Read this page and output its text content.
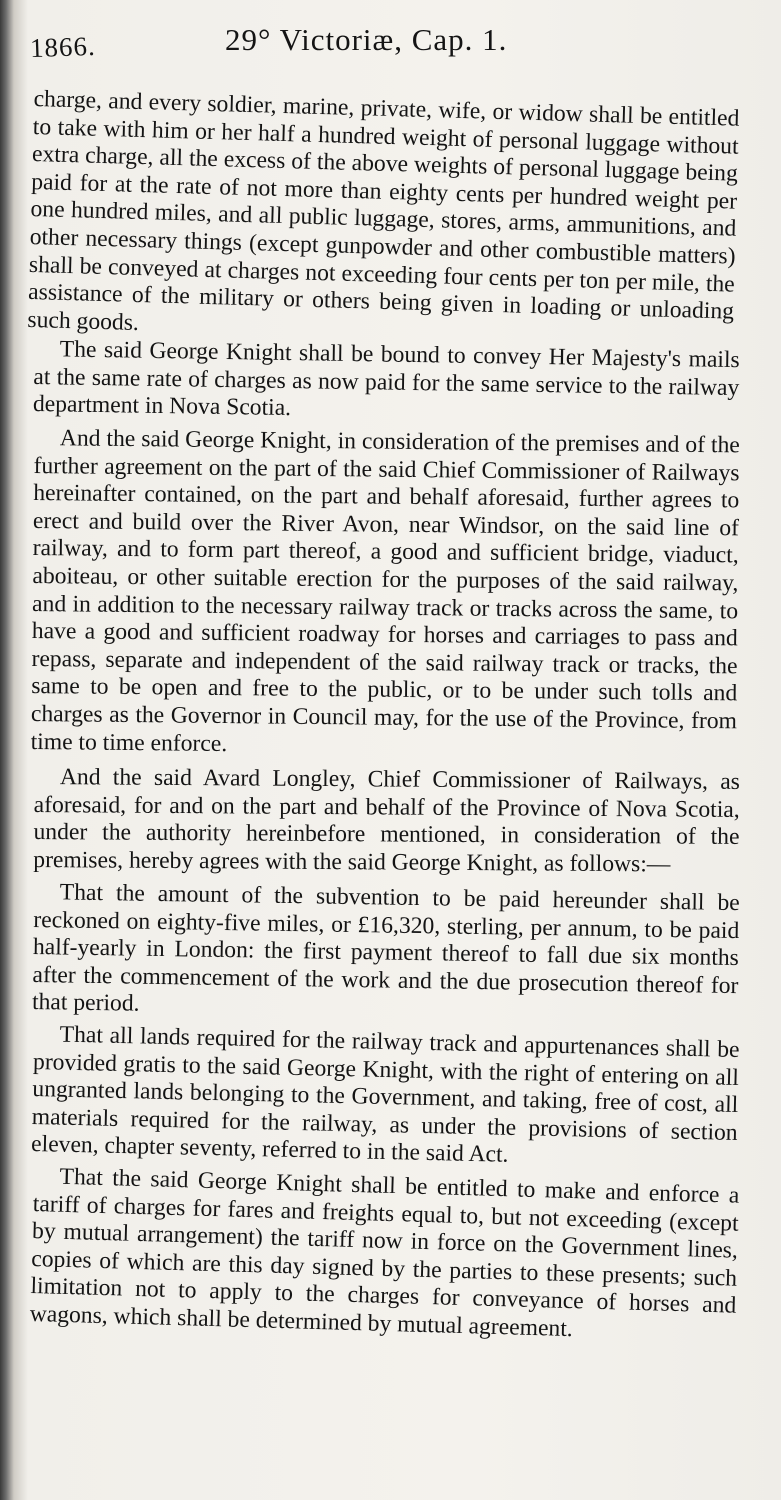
1866.	29° Victoriæ, Cap. 1.

charge, and every soldier, marine, private, wife, or widow shall be entitled to take with him or her half a hundred weight of personal luggage without extra charge, all the excess of the above weights of personal luggage being paid for at the rate of not more than eighty cents per hundred weight per one hundred miles, and all public luggage, stores, arms, ammunitions, and other necessary things (except gunpowder and other combustible matters) shall be conveyed at charges not exceeding four cents per ton per mile, the assistance of the military or others being given in loading or unloading such goods.

The said George Knight shall be bound to convey Her Majesty's mails at the same rate of charges as now paid for the same service to the railway department in Nova Scotia.

And the said George Knight, in consideration of the premises and of the further agreement on the part of the said Chief Commissioner of Railways hereinafter contained, on the part and behalf aforesaid, further agrees to erect and build over the River Avon, near Windsor, on the said line of railway, and to form part thereof, a good and sufficient bridge, viaduct, aboiteau, or other suitable erection for the purposes of the said railway, and in addition to the necessary railway track or tracks across the same, to have a good and sufficient roadway for horses and carriages to pass and repass, separate and independent of the said railway track or tracks, the same to be open and free to the public, or to be under such tolls and charges as the Governor in Council may, for the use of the Province, from time to time enforce.

And the said Avard Longley, Chief Commissioner of Railways, as aforesaid, for and on the part and behalf of the Province of Nova Scotia, under the authority hereinbefore mentioned, in consideration of the premises, hereby agrees with the said George Knight, as follows:—

That the amount of the subvention to be paid hereunder shall be reckoned on eighty-five miles, or £16,320, sterling, per annum, to be paid half-yearly in London: the first payment thereof to fall due six months after the commencement of the work and the due prosecution thereof for that period.

That all lands required for the railway track and appurtenances shall be provided gratis to the said George Knight, with the right of entering on all ungranted lands belonging to the Government, and taking, free of cost, all materials required for the railway, as under the provisions of section eleven, chapter seventy, referred to in the said Act.

That the said George Knight shall be entitled to make and enforce a tariff of charges for fares and freights equal to, but not exceeding (except by mutual arrangement) the tariff now in force on the Government lines, copies of which are this day signed by the parties to these presents; such limitation not to apply to the charges for conveyance of horses and wagons, which shall be determined by mutual agreement.
